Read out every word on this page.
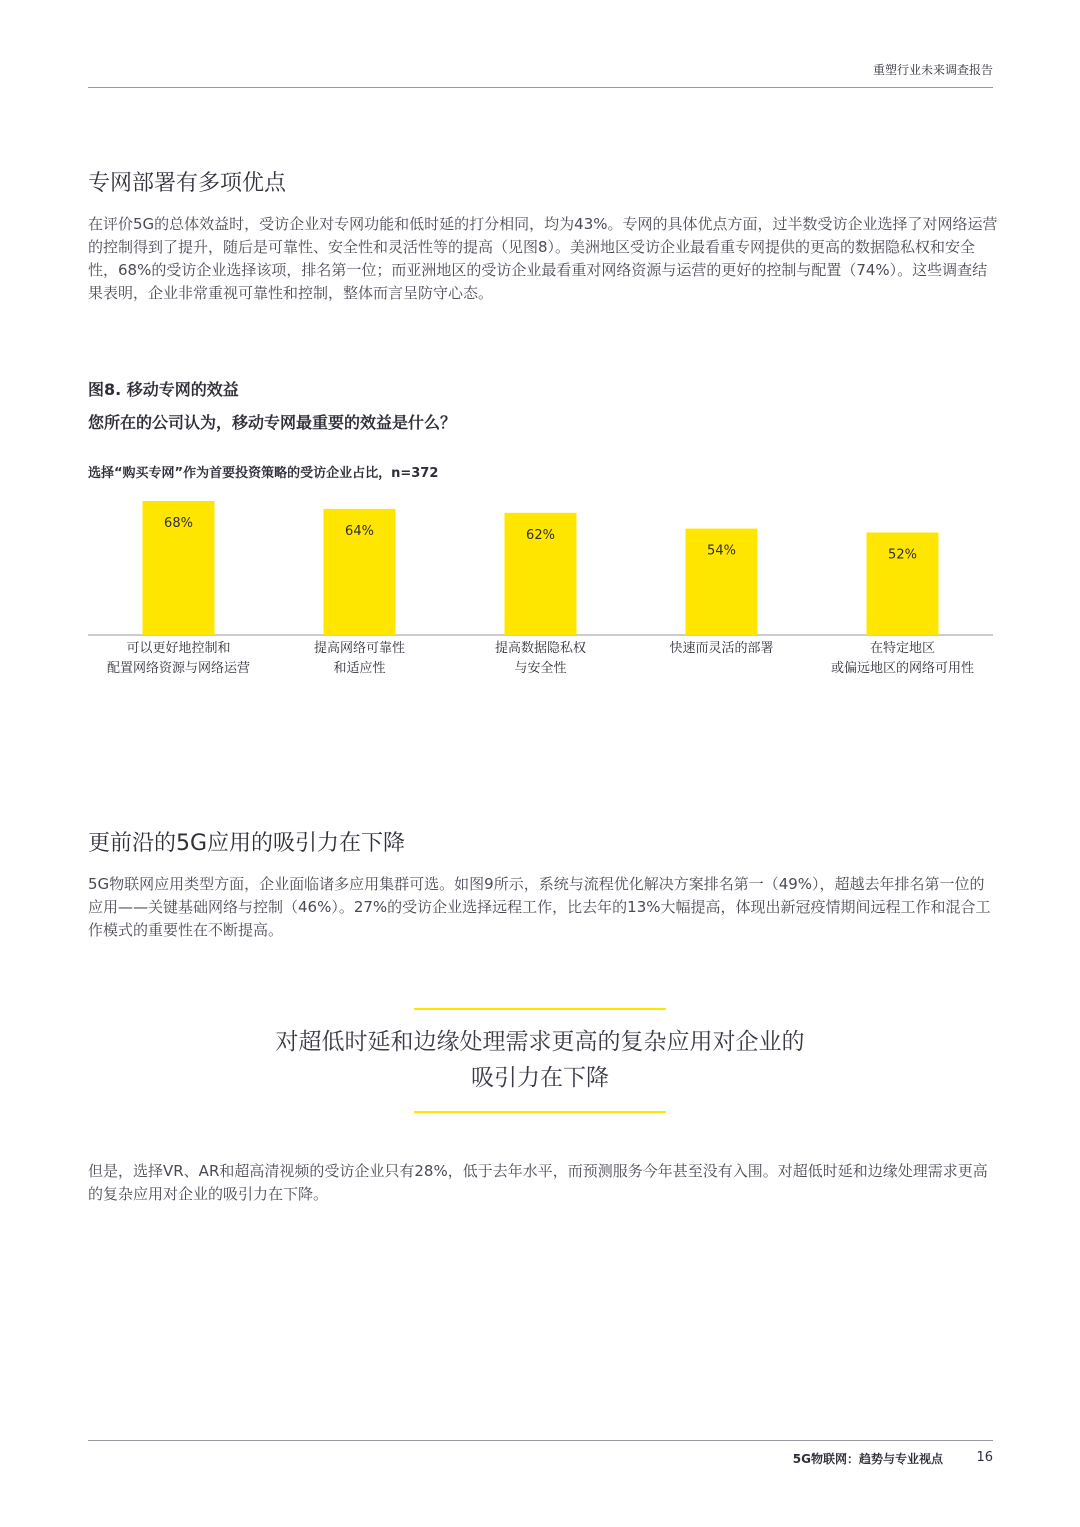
重塑行业未来调查报告
专网部署有多项优点
在评价5G的总体效益时，受访企业对专网功能和低时延的打分相同，均为43%。专网的具体优点方面，过半数受访企业选择了对网络运营的控制得到了提升，随后是可靠性、安全性和灵活性等的提高（见图8）。美洲地区受访企业最看重专网提供的更高的数据隐私权和安全性，68%的受访企业选择该项，排名第一位；而亚洲地区的受访企业最看重对网络资源与运营的更好的控制与配置（74%）。这些调查结果表明，企业非常重视可靠性和控制，整体而言呈防守心态。
图8. 移动专网的效益
您所在的公司认为，移动专网最重要的效益是什么？
选择“购买专网”作为首要投资策略的受访企业占比，n=372
68%
64%	62%
54%	52%
更前沿的5G应用的吸引力在下降
5G物联网应用类型方面，企业面临诸多应用集群可选。如图9所示，系统与流程优化解决方案排名第一（49%），超越去年排名第一位的应用——关键基础网络与控制（46%）。27%的受访企业选择远程工作，比去年的13%大幅提高，体现出新冠疫情期间远程工作和混合工作模式的重要性在不断提高。
对超低时延和边缘处理需求更高的复杂应用对企业的
吸引力在下降
但是，选择VR、AR和超高清视频的受访企业只有28%，低于去年水平，而预测服务今年甚至没有入围。对超低时延和边缘处理需求更高的复杂应用对企业的吸引力在下降。
5G物联网：趋势与专业视点	16
可以更好地控制和
配置网络资源与网络运营
提高网络可靠性
和适应性
提高数据隐私权
与安全性
快速而灵活的部署	在特定地区
或偏远地区的网络可用性
